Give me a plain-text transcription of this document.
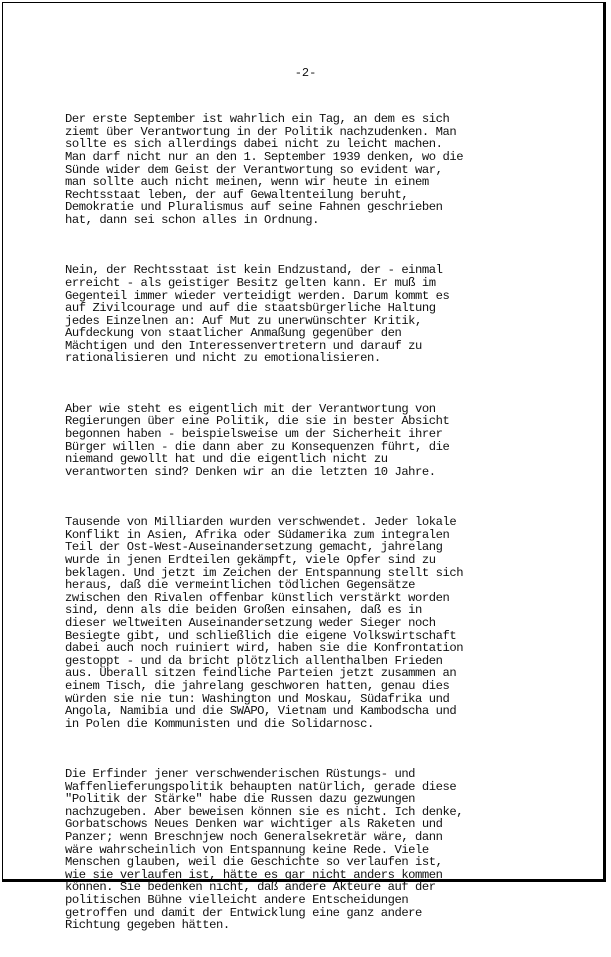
-2-

Der erste September ist wahrlich ein Tag, an dem es sich
ziemt über Verantwortung in der Politik nachzudenken. Man
sollte es sich allerdings dabei nicht zu leicht machen.
Man darf nicht nur an den 1. September 1939 denken, wo die
Sünde wider dem Geist der Verantwortung so evident war,
man sollte auch nicht meinen, wenn wir heute in einem
Rechtsstaat leben, der auf Gewaltenteilung beruht,
Demokratie und Pluralismus auf seine Fahnen geschrieben
hat, dann sei schon alles in Ordnung.

Nein, der Rechtsstaat ist kein Endzustand, der - einmal
erreicht - als geistiger Besitz gelten kann. Er muß im
Gegenteil immer wieder verteidigt werden. Darum kommt es
auf Zivilcourage und auf die staatsbürgerliche Haltung
jedes Einzelnen an: Auf Mut zu unerwünschter Kritik,
Aufdeckung von staatlicher Anmaßung gegenüber den
Mächtigen und den Interessenvertretern und darauf zu
rationalisieren und nicht zu emotionalisieren.

Aber wie steht es eigentlich mit der Verantwortung von
Regierungen über eine Politik, die sie in bester Absicht
begonnen haben - beispielsweise um der Sicherheit ihrer
Bürger willen - die dann aber zu Konsequenzen führt, die
niemand gewollt hat und die eigentlich nicht zu
verantworten sind? Denken wir an die letzten 10 Jahre.

Tausende von Milliarden wurden verschwendet. Jeder lokale
Konflikt in Asien, Afrika oder Südamerika zum integralen
Teil der Ost-West-Auseinandersetzung gemacht, jahrelang
wurde in jenen Erdteilen gekämpft, viele Opfer sind zu
beklagen. Und jetzt im Zeichen der Entspannung stellt sich
heraus, daß die vermeintlichen tödlichen Gegensätze
zwischen den Rivalen offenbar künstlich verstärkt worden
sind, denn als die beiden Großen einsahen, daß es in
dieser weltweiten Auseinandersetzung weder Sieger noch
Besiegte gibt, und schließlich die eigene Volkswirtschaft
dabei auch noch ruiniert wird, haben sie die Konfrontation
gestoppt - und da bricht plötzlich allenthalben Frieden
aus. Überall sitzen feindliche Parteien jetzt zusammen an
einem Tisch, die jahrelang geschworen hatten, genau dies
würden sie nie tun: Washington und Moskau, Südafrika und
Angola, Namibia und die SWAPO, Vietnam und Kambodscha und
in Polen die Kommunisten und die Solidarnosc.

Die Erfinder jener verschwenderischen Rüstungs- und
Waffenlieferungspolitik behaupten natürlich, gerade diese
"Politik der Stärke" habe die Russen dazu gezwungen
nachzugeben. Aber beweisen können sie es nicht. Ich denke,
Gorbatschows Neues Denken war wichtiger als Raketen und
Panzer; wenn Breschnjew noch Generalsekretär wäre, dann
wäre wahrscheinlich von Entspannung keine Rede. Viele
Menschen glauben, weil die Geschichte so verlaufen ist,
wie sie verlaufen ist, hätte es gar nicht anders kommen
können. Sie bedenken nicht, daß andere Akteure auf der
politischen Bühne vielleicht andere Entscheidungen
getroffen und damit der Entwicklung eine ganz andere
Richtung gegeben hätten.
